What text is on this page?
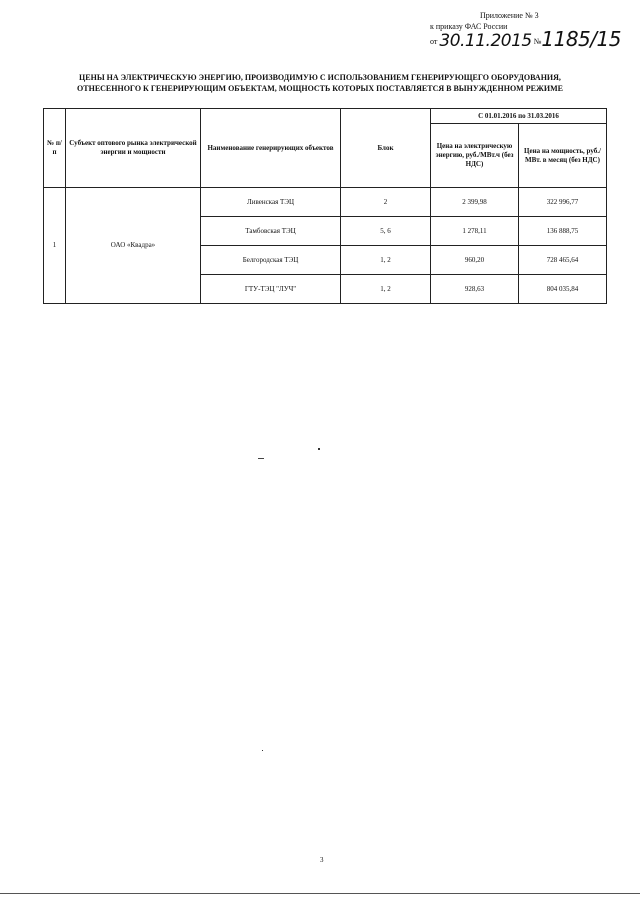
Приложение № 3
к приказу ФАС России
от 30.11.2015 №1185/15
ЦЕНЫ НА ЭЛЕКТРИЧЕСКУЮ ЭНЕРГИЮ, ПРОИЗВОДИМУЮ С ИСПОЛЬЗОВАНИЕМ ГЕНЕРИРУЮЩЕГО ОБОРУДОВАНИЯ,
ОТНЕСЕННОГО К ГЕНЕРИРУЮЩИМ ОБЪЕКТАМ, МОЩНОСТЬ КОТОРЫХ ПОСТАВЛЯЕТСЯ В ВЫНУЖДЕННОМ РЕЖИМЕ
№ п/п	Субъект оптового рынка электрической энергии и мощности	Наименование генерирующих объектов	Блок	С 01.01.2016 по 31.03.2016	
				Цена на электрическую энергию, руб./МВт.ч (без НДС)	Цена на мощность, руб./МВт. в месяц (без НДС)
1	ОАО «Квадра»	Ливенская ТЭЦ	2	2 399,98	322 996,77
		Тамбовская ТЭЦ	5, 6	1 278,11	136 888,75
		Белгородская ТЭЦ	1, 2	960,20	728 465,64
		ГТУ-ТЭЦ "ЛУЧ"	1, 2	928,63	804 035,84
3
